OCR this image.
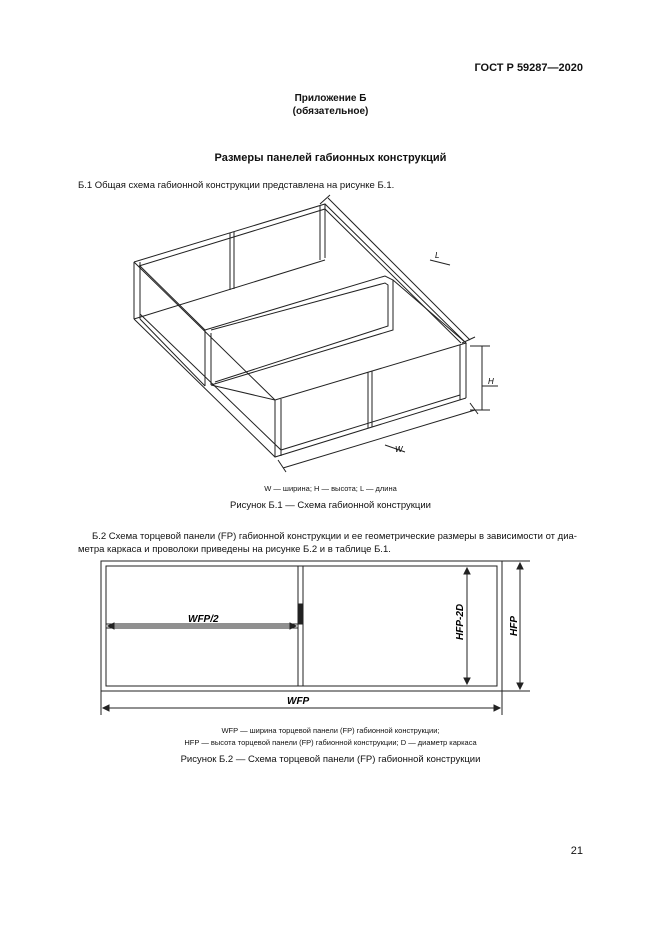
ГОСТ Р 59287—2020
Приложение Б
(обязательное)
Размеры панелей габионных конструкций
Б.1 Общая схема габионной конструкции представлена на рисунке Б.1.
L
H
W
W — ширина; H — высота; L — длина
Рисунок Б.1 — Схема габионной конструкции
Б.2 Схема торцевой панели (FP) габионной конструкции и ее геометрические размеры в зависимости от диа-
метра каркаса и проволоки приведены на рисунке Б.2 и в таблице Б.1.
WFP/2	HFP-2D	HFP
WFP
WFP — ширина торцевой панели (FP) габионной конструкции;
HFP — высота торцевой панели (FP) габионной конструкции; D — диаметр каркаса
Рисунок Б.2 — Схема торцевой панели (FP) габионной конструкции
21
